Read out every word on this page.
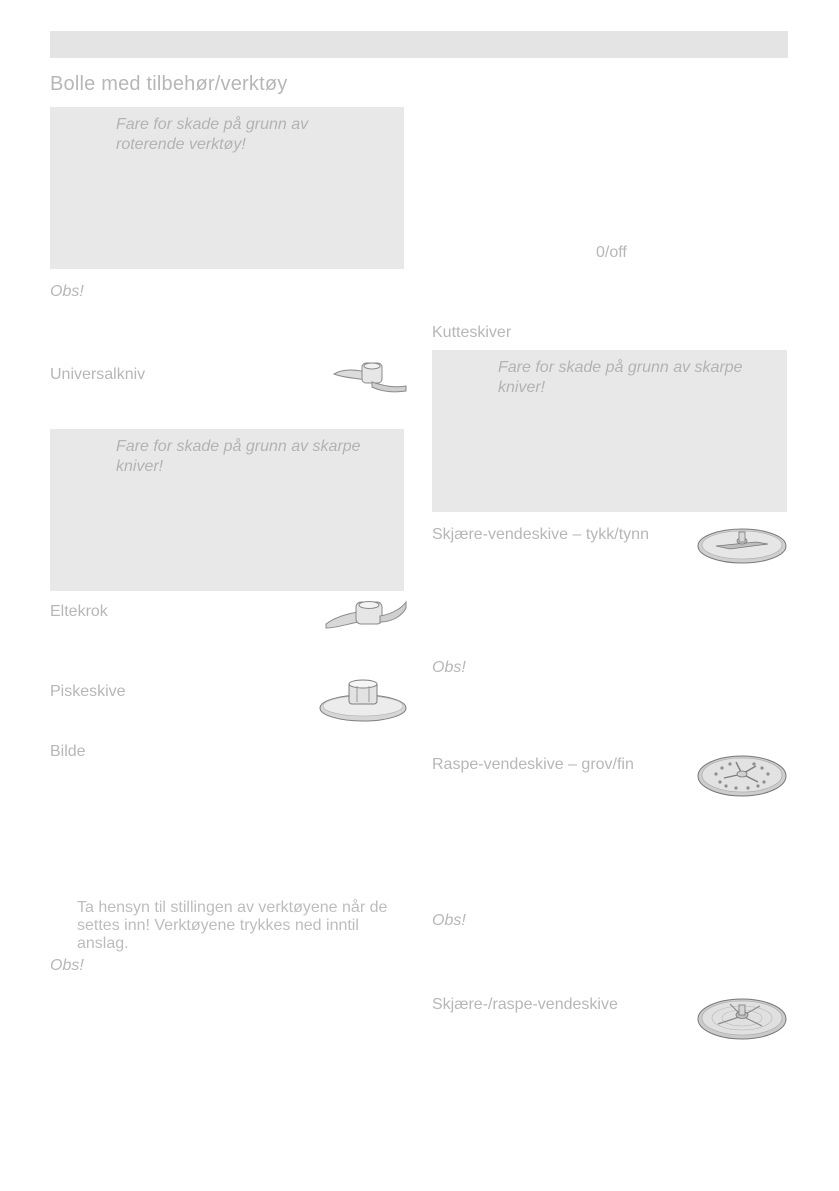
Bolle med tilbehør/verktøy
Fare for skade på grunn av roterende verktøy!
Obs!
Universalkniv
Fare for skade på grunn av skarpe kniver!
Eltekrok
Piskeskive
Bilde
Ta hensyn til stillingen av verktøyene når de settes inn! Verktøyene trykkes ned inntil anslag.
Obs!
0/off
Kutteskiver
Fare for skade på grunn av skarpe kniver!
Skjære-vendeskive – tykk/tynn
Obs!
Raspe-vendeskive – grov/fin
Obs!
Skjære-/raspe-vendeskive
